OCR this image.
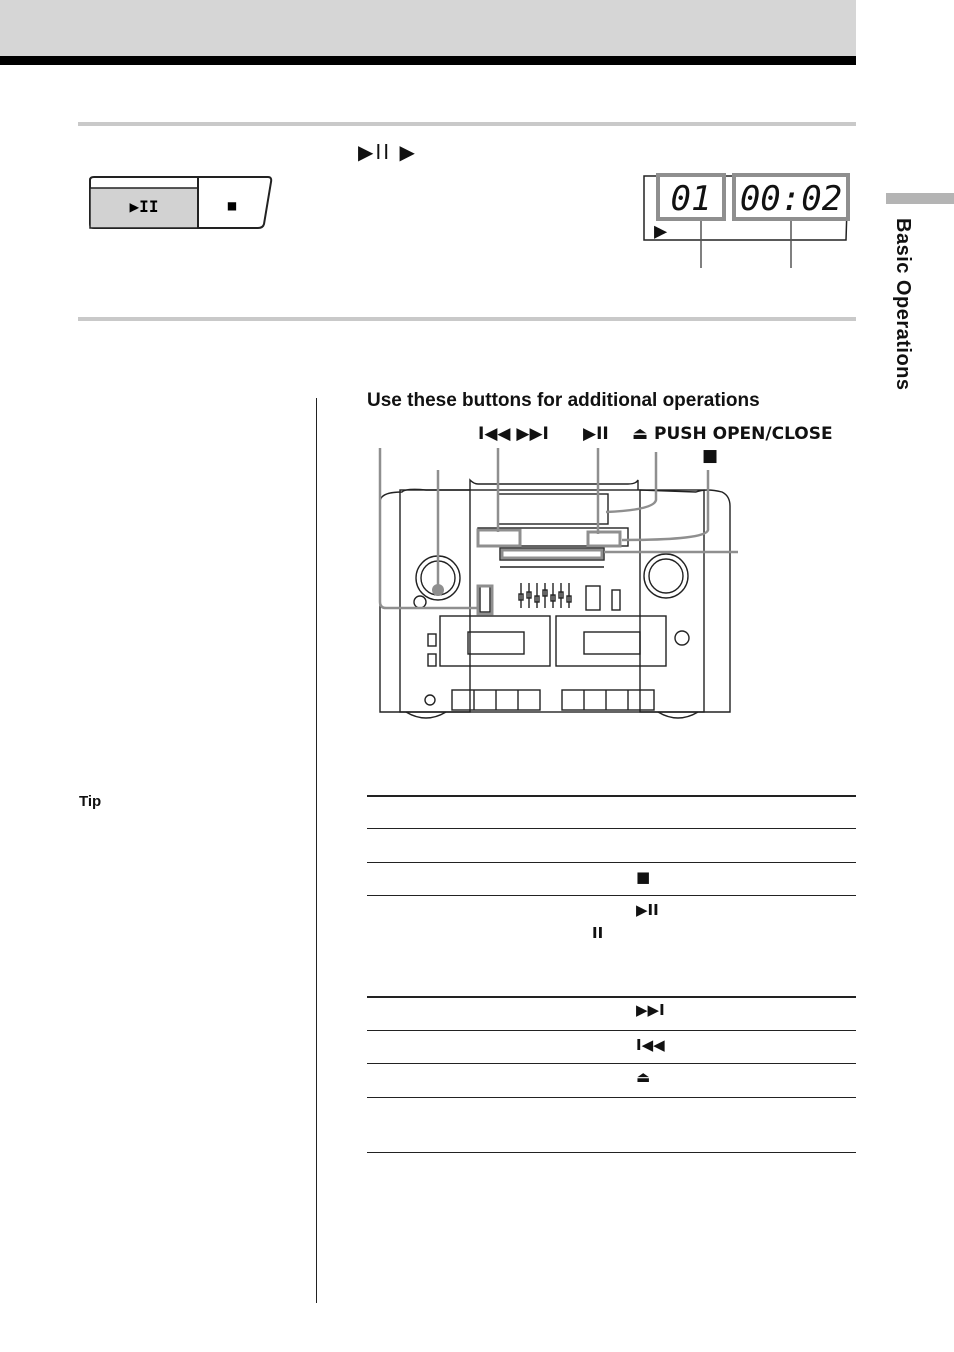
Basic Operations
▶II ▶
▶II	■	01 00:02
▶
Use these buttons for additional operations
I◀◀ ▶▶I ▶II ⏏ PUSH OPEN/CLOSE
■
Tip
■
▶II
II
▶▶I
I◀◀
⏏
